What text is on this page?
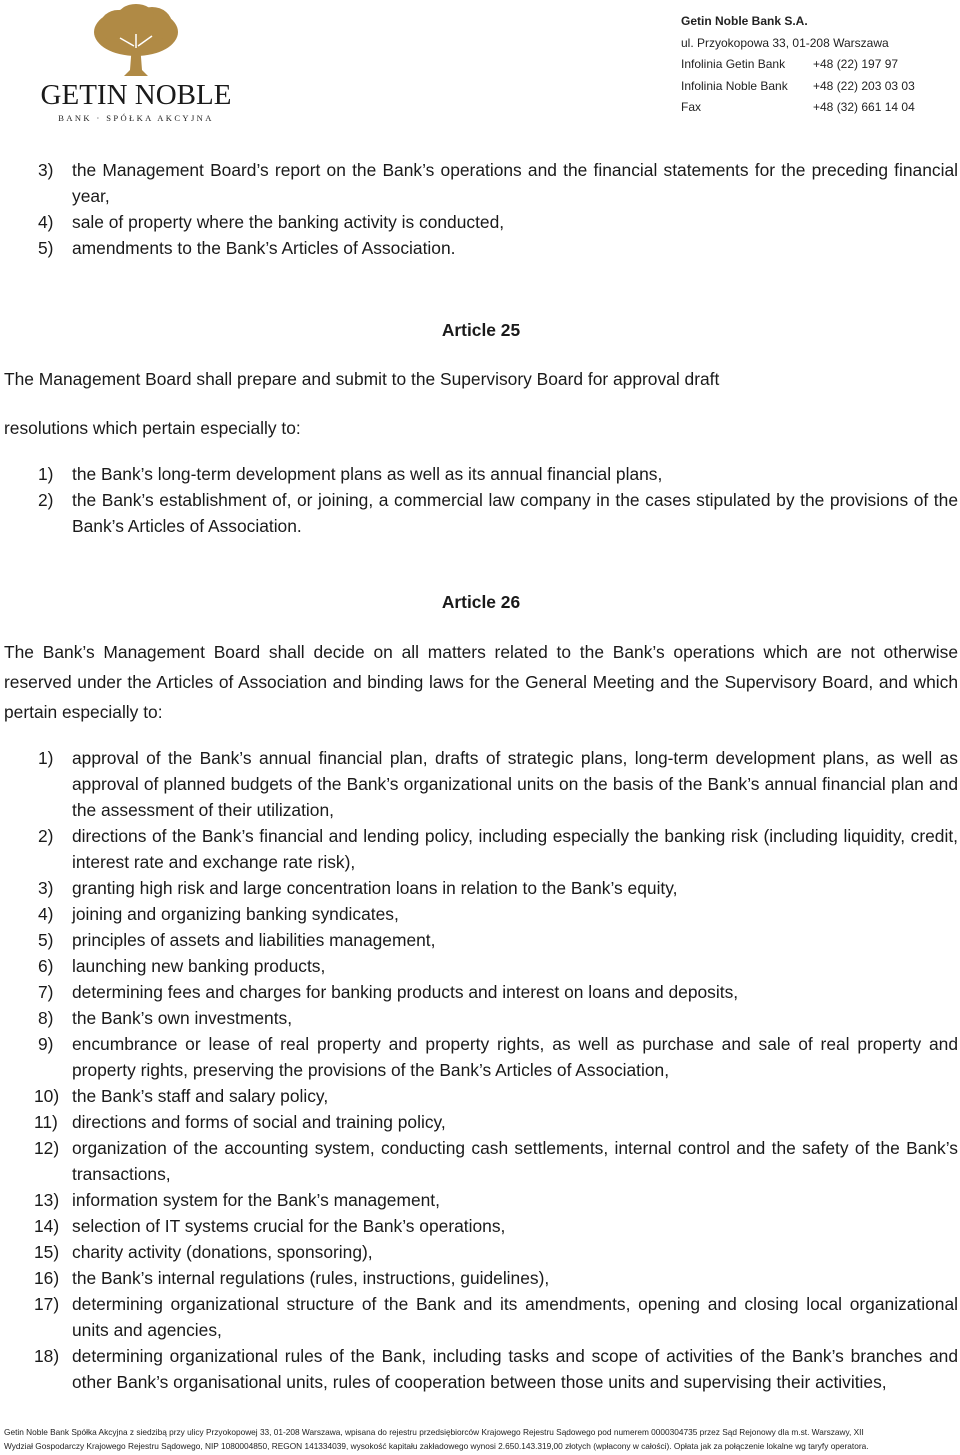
GETIN NOBLE
BANK · SPÓŁKA AKCYJNA
Getin Noble Bank S.A.
ul. Przyokopowa 33, 01-208 Warszawa
Infolinia Getin Bank	+48 (22) 197 97
Infolinia Noble Bank	+48 (22) 203 03 03
Fax	+48 (32) 661 14 04
3) the Management Board’s report on the Bank’s operations and the financial statements for the preceding financial year,
4) sale of property where the banking activity is conducted,
5) amendments to the Bank’s Articles of Association.
Article 25

The Management Board shall prepare and submit to the Supervisory Board for approval draft

resolutions which pertain especially to:

1) the Bank’s long-term development plans as well as its annual financial plans,
2) the Bank’s establishment of, or joining, a commercial law company in the cases stipulated by the provisions of the Bank’s Articles of Association.
Article 26

The Bank’s Management Board shall decide on all matters related to the Bank’s operations which are not otherwise reserved under the Articles of Association and binding laws for the General Meeting and the Supervisory Board, and which pertain especially to:

1) approval of the Bank’s annual financial plan, drafts of strategic plans, long-term development plans, as well as approval of planned budgets of the Bank’s organizational units on the basis of the Bank’s annual financial plan and the assessment of their utilization,
2) directions of the Bank’s financial and lending policy, including especially the banking risk (including liquidity, credit, interest rate and exchange rate risk),
3) granting high risk and large concentration loans in relation to the Bank’s equity,
4) joining and organizing banking syndicates,
5) principles of assets and liabilities management,
6) launching new banking products,
7) determining fees and charges for banking products and interest on loans and deposits,
8) the Bank’s own investments,
9) encumbrance or lease of real property and property rights, as well as purchase and sale of real property and property rights, preserving the provisions of the Bank’s Articles of Association,
10) the Bank’s staff and salary policy,
11) directions and forms of social and training policy,
12) organization of the accounting system, conducting cash settlements, internal control and the safety of the Bank’s transactions,
13) information system for the Bank’s management,
14) selection of IT systems crucial for the Bank’s operations,
15) charity activity (donations, sponsoring),
16) the Bank’s internal regulations (rules, instructions, guidelines),
17) determining organizational structure of the Bank and its amendments, opening and closing local organizational units and agencies,
18) determining organizational rules of the Bank, including tasks and scope of activities of the Bank’s branches and other Bank’s organisational units, rules of cooperation between those units and supervising their activities,
Getin Noble Bank Spółka Akcyjna z siedzibą przy ulicy Przyokopowej 33, 01-208 Warszawa, wpisana do rejestru przedsiębiorców Krajowego Rejestru Sądowego pod numerem 0000304735 przez Sąd Rejonowy dla m.st. Warszawy, XII
Wydział Gospodarczy Krajowego Rejestru Sądowego, NIP 1080004850, REGON 141334039, wysokość kapitału zakładowego wynosi 2.650.143.319,00 złotych (wpłacony w całości). Opłata jak za połączenie lokalne wg taryfy operatora.
